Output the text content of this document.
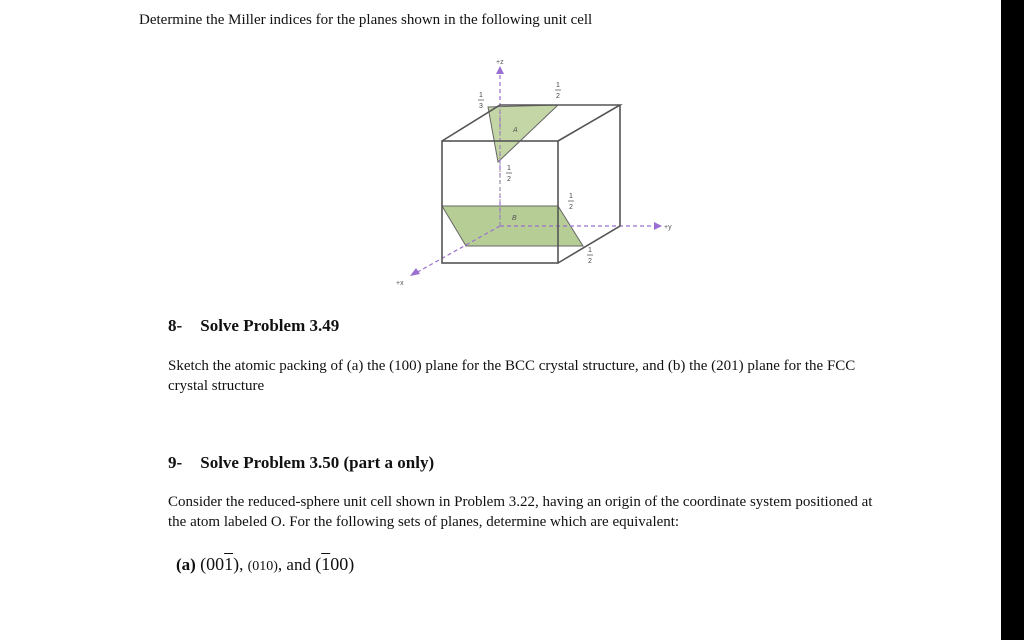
Determine the Miller indices for the planes shown in the following unit cell
+z
+y
+x
A
B
1
3
1
2
1
2
1
2
1
2
8- Solve Problem 3.49
Sketch the atomic packing of (a) the (100) plane for the BCC crystal structure, and (b) the (201) plane for the FCC crystal structure
9- Solve Problem 3.50 (part a only)
Consider the reduced-sphere unit cell shown in Problem 3.22, having an origin of the coordinate system positioned at the atom labeled O. For the following sets of planes, determine which are equivalent:
(a) (001), (010), and (100)
